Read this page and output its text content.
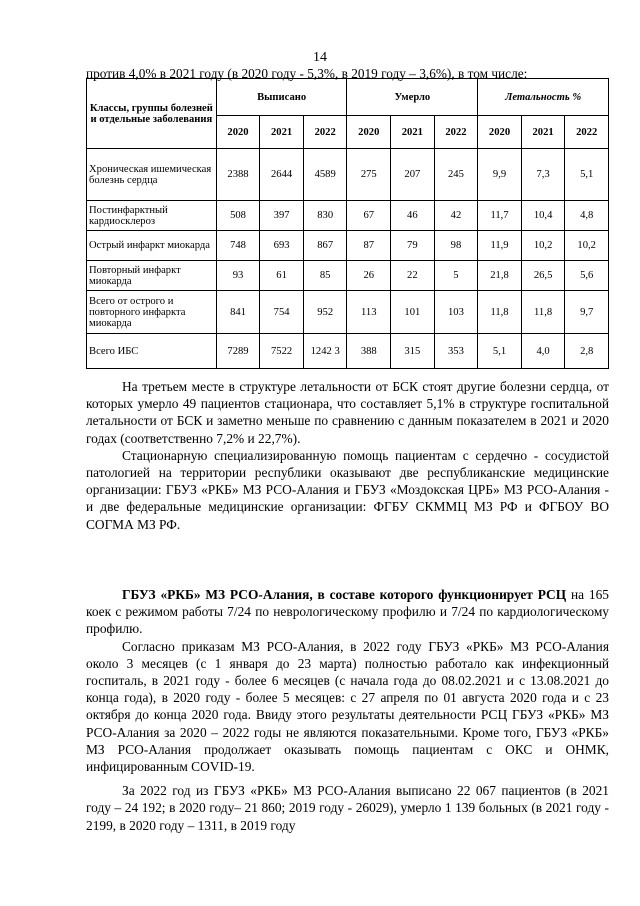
14
против 4,0% в 2021 году (в 2020 году - 5,3%, в 2019 году – 3,6%), в том числе:
Классы, группы болезней и отдельные заболевания	Выписано			Умерло			Летальность %		
	2020	2021	2022	2020	2021	2022	2020	2021	2022
Хроническая ишемическая болезнь сердца	2388	2644	4589	275	207	245	9,9	7,3	5,1
Постинфарктный кардиосклероз	508	397	830	67	46	42	11,7	10,4	4,8
Острый инфаркт миокарда	748	693	867	87	79	98	11,9	10,2	10,2
Повторный инфаркт миокарда	93	61	85	26	22	5	21,8	26,5	5,6
Всего от острого и повторного инфаркта миокарда	841	754	952	113	101	103	11,8	11,8	9,7
Всего ИБС	7289	7522	1242 3	388	315	353	5,1	4,0	2,8

На третьем месте в структуре летальности от БСК стоят другие болезни сердца, от которых умерло 49 пациентов стационара, что составляет 5,1% в структуре госпитальной летальности от БСК и заметно меньше по сравнению с данным показателем в 2021 и 2020 годах (соответственно 7,2% и 22,7%).

Стационарную специализированную помощь пациентам с сердечно - сосудистой патологией на территории республики оказывают две республиканские медицинские организации: ГБУЗ «РКБ» МЗ РСО-Алания и ГБУЗ «Моздокская ЦРБ» МЗ РСО-Алания - и две федеральные медицинские организации: ФГБУ СКММЦ МЗ РФ и ФГБОУ ВО СОГМА МЗ РФ.

ГБУЗ «РКБ» МЗ РСО-Алания, в составе которого функционирует РСЦ на 165 коек с режимом работы 7/24 по неврологическому профилю и 7/24 по кардиологическому профилю.

Согласно приказам МЗ РСО-Алания, в 2022 году ГБУЗ «РКБ» МЗ РСО-Алания около 3 месяцев (с 1 января до 23 марта) полностью работало как инфекционный госпиталь, в 2021 году - более 6 месяцев (с начала года до 08.02.2021 и с 13.08.2021 до конца года), в 2020 году - более 5 месяцев: с 27 апреля по 01 августа 2020 года и с 23 октября до конца 2020 года. Ввиду этого результаты деятельности РСЦ ГБУЗ «РКБ» МЗ РСО-Алания за 2020 – 2022 годы не являются показательными. Кроме того, ГБУЗ «РКБ» МЗ РСО-Алания продолжает оказывать помощь пациентам с ОКС и ОНМК, инфицированным COVID-19.

За 2022 год из ГБУЗ «РКБ» МЗ РСО-Алания выписано 22 067 пациентов (в 2021 году – 24 192; в 2020 году– 21 860; 2019 году - 26029), умерло 1 139 больных (в 2021 году - 2199, в 2020 году – 1311, в 2019 году
